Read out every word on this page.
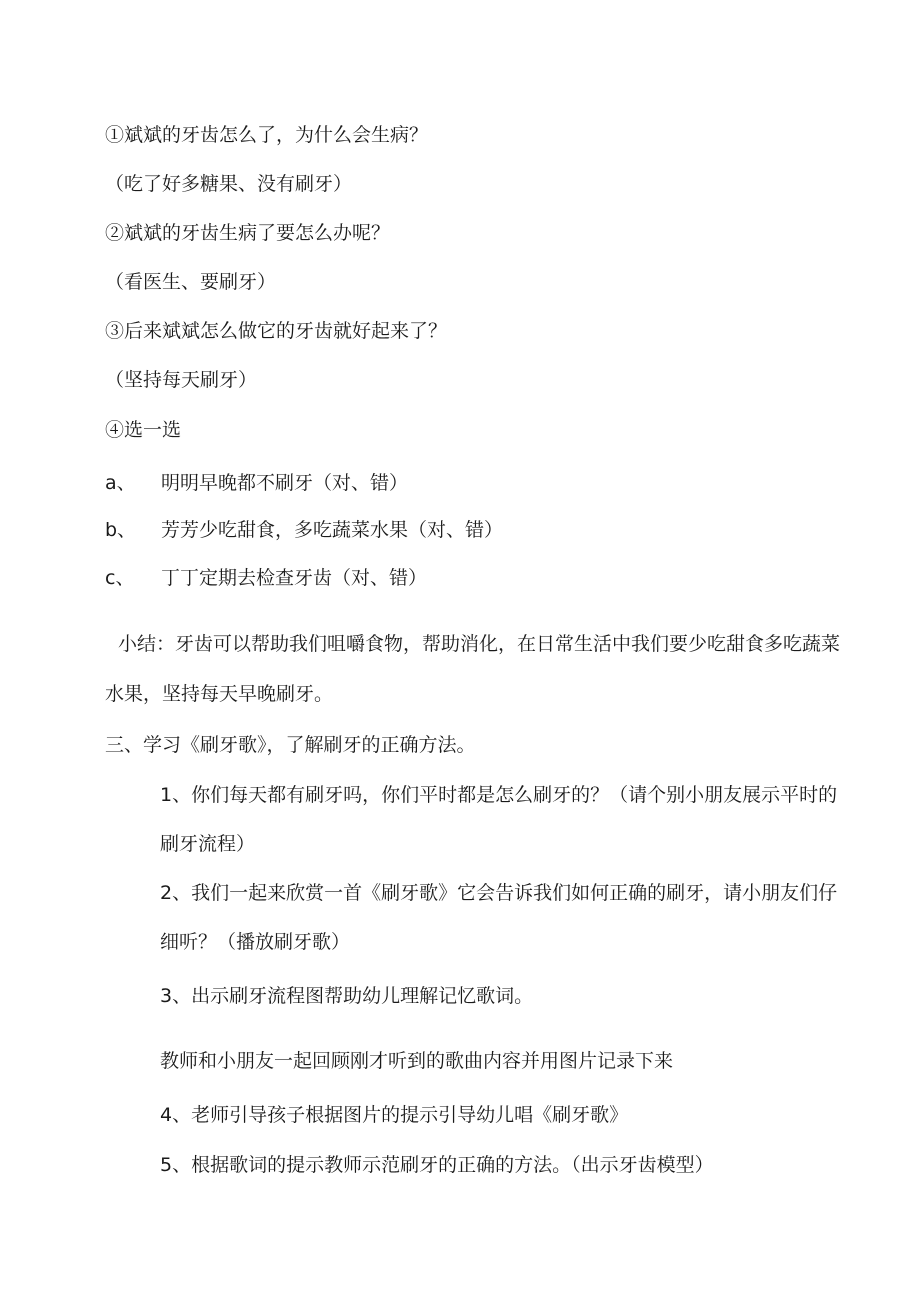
①斌斌的牙齿怎么了，为什么会生病？
（吃了好多糖果、没有刷牙）
②斌斌的牙齿生病了要怎么办呢？
（看医生、要刷牙）
③后来斌斌怎么做它的牙齿就好起来了？
（坚持每天刷牙）
④选一选
a、 明明早晚都不刷牙（对、错）
b、 芳芳少吃甜食，多吃蔬菜水果（对、错）
c、 丁丁定期去检查牙齿（对、错）
小结：牙齿可以帮助我们咀嚼食物，帮助消化，在日常生活中我们要少吃甜食多吃蔬菜
水果，坚持每天早晚刷牙。
三、学习《刷牙歌》，了解刷牙的正确方法。
1、你们每天都有刷牙吗，你们平时都是怎么刷牙的？（请个别小朋友展示平时的
刷牙流程）
2、我们一起来欣赏一首《刷牙歌》它会告诉我们如何正确的刷牙，请小朋友们仔
细听？（播放刷牙歌）
3、出示刷牙流程图帮助幼儿理解记忆歌词。
教师和小朋友一起回顾刚才听到的歌曲内容并用图片记录下来
4、老师引导孩子根据图片的提示引导幼儿唱《刷牙歌》
5、根据歌词的提示教师示范刷牙的正确的方法。（出示牙齿模型）
